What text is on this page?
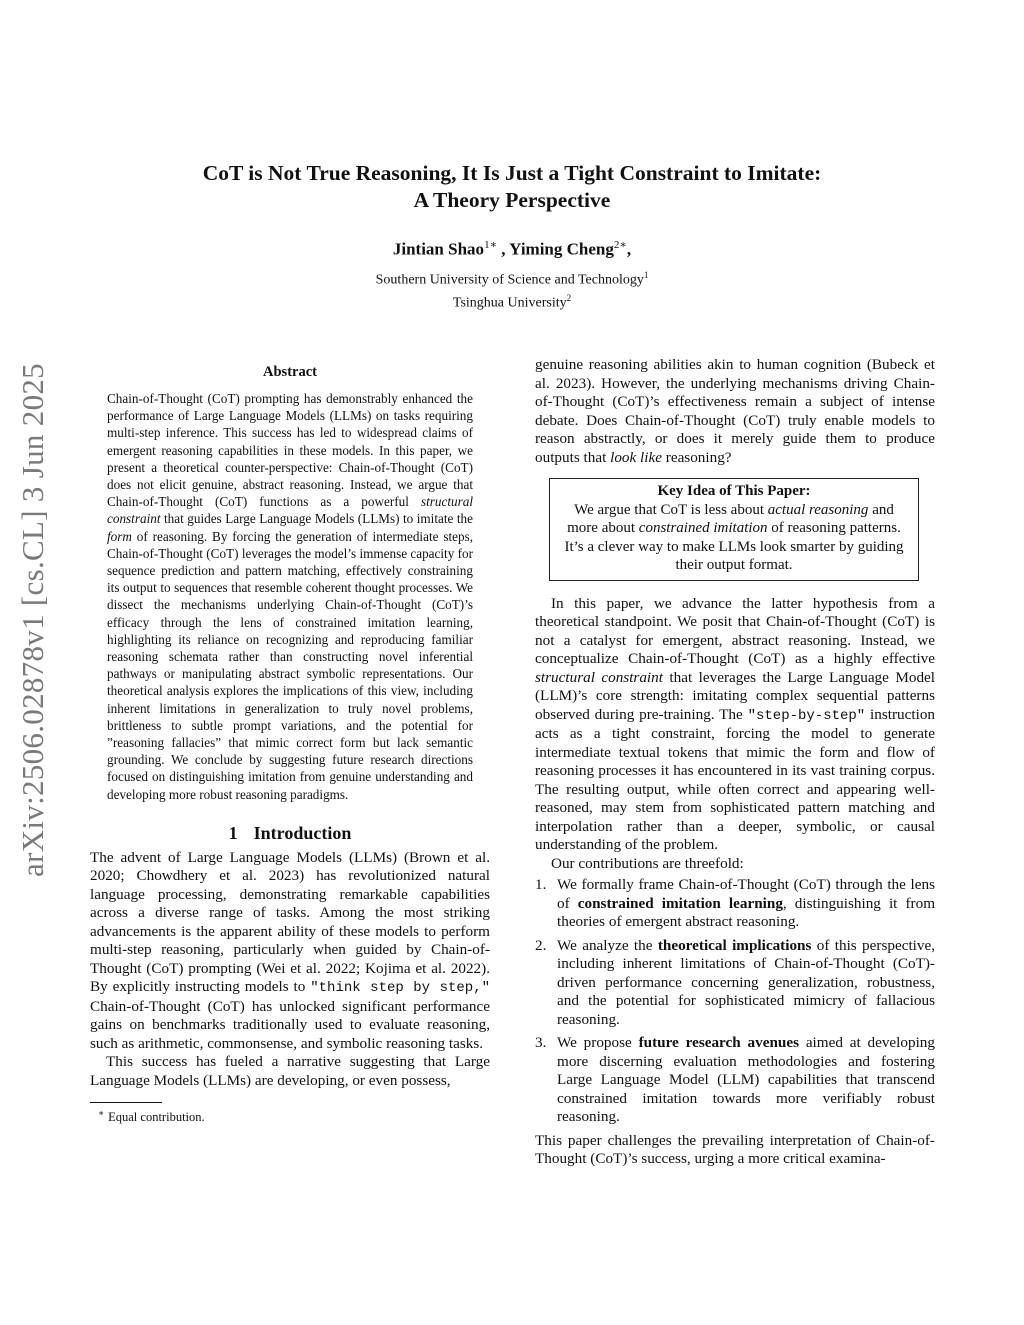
arXiv:2506.02878v1 [cs.CL] 3 Jun 2025
CoT is Not True Reasoning, It Is Just a Tight Constraint to Imitate:
A Theory Perspective
Jintian Shao$^{1∗}$ , Yiming Cheng$^{2∗}$,
Southern University of Science and Technology$^1$
Tsinghua University$^2$
Abstract

Chain-of-Thought (CoT) prompting has demonstrably enhanced the performance of Large Language Models (LLMs) on tasks requiring multi-step inference. This success has led to widespread claims of emergent reasoning capabilities in these models. In this paper, we present a theoretical counter-perspective: Chain-of-Thought (CoT) does not elicit genuine, abstract reasoning. Instead, we argue that Chain-of-Thought (CoT) functions as a powerful structural constraint that guides Large Language Models (LLMs) to imitate the form of reasoning. By forcing the generation of intermediate steps, Chain-of-Thought (CoT) leverages the model’s immense capacity for sequence prediction and pattern matching, effectively constraining its output to sequences that resemble coherent thought processes. We dissect the mechanisms underlying Chain-of-Thought (CoT)’s efficacy through the lens of constrained imitation learning, highlighting its reliance on recognizing and reproducing familiar reasoning schemata rather than constructing novel inferential pathways or manipulating abstract symbolic representations. Our theoretical analysis explores the implications of this view, including inherent limitations in generalization to truly novel problems, brittleness to subtle prompt variations, and the potential for ”reasoning fallacies” that mimic correct form but lack semantic grounding. We conclude by suggesting future research directions focused on distinguishing imitation from genuine understanding and developing more robust reasoning paradigms.

1 Introduction

The advent of Large Language Models (LLMs) (Brown et al. 2020; Chowdhery et al. 2023) has revolutionized natural language processing, demonstrating remarkable capabilities across a diverse range of tasks. Among the most striking advancements is the apparent ability of these models to perform multi-step reasoning, particularly when guided by Chain-of-Thought (CoT) prompting (Wei et al. 2022; Kojima et al. 2022). By explicitly instructing models to "think step by step," Chain-of-Thought (CoT) has unlocked significant performance gains on benchmarks traditionally used to evaluate reasoning, such as arithmetic, commonsense, and symbolic reasoning tasks.

This success has fueled a narrative suggesting that Large Language Models (LLMs) are developing, or even possess,

∗ Equal contribution.

genuine reasoning abilities akin to human cognition (Bubeck et al. 2023). However, the underlying mechanisms driving Chain-of-Thought (CoT)’s effectiveness remain a subject of intense debate. Does Chain-of-Thought (CoT) truly enable models to reason abstractly, or does it merely guide them to produce outputs that look like reasoning?

Key Idea of This Paper:
We argue that CoT is less about actual reasoning and more about constrained imitation of reasoning patterns. It’s a clever way to make LLMs look smarter by guiding their output format.

In this paper, we advance the latter hypothesis from a theoretical standpoint. We posit that Chain-of-Thought (CoT) is not a catalyst for emergent, abstract reasoning. Instead, we conceptualize Chain-of-Thought (CoT) as a highly effective structural constraint that leverages the Large Language Model (LLM)’s core strength: imitating complex sequential patterns observed during pre-training. The "step-by-step" instruction acts as a tight constraint, forcing the model to generate intermediate textual tokens that mimic the form and flow of reasoning processes it has encountered in its vast training corpus. The resulting output, while often correct and appearing well-reasoned, may stem from sophisticated pattern matching and interpolation rather than a deeper, symbolic, or causal understanding of the problem.

Our contributions are threefold:

1. We formally frame Chain-of-Thought (CoT) through the lens of constrained imitation learning, distinguishing it from theories of emergent abstract reasoning.
2. We analyze the theoretical implications of this perspective, including inherent limitations of Chain-of-Thought (CoT)-driven performance concerning generalization, robustness, and the potential for sophisticated mimicry of fallacious reasoning.
3. We propose future research avenues aimed at developing more discerning evaluation methodologies and fostering Large Language Model (LLM) capabilities that transcend constrained imitation towards more verifiably robust reasoning.

This paper challenges the prevailing interpretation of Chain-of-Thought (CoT)’s success, urging a more critical examina-
